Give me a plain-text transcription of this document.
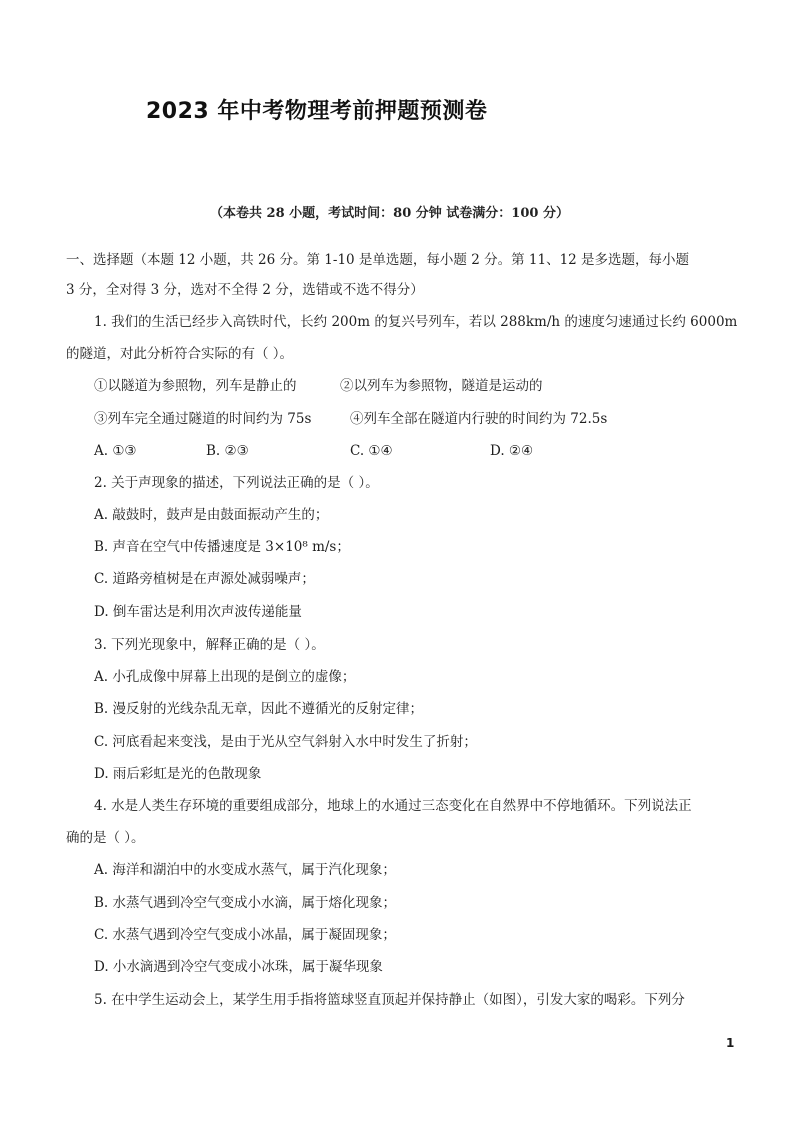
2023 年中考物理考前押题预测卷
（本卷共 28 小题，考试时间：80 分钟 试卷满分：100 分）
一、选择题（本题 12 小题，共 26 分。第 1-10 是单选题，每小题 2 分。第 11、12 是多选题，每小题
3 分，全对得 3 分，选对不全得 2 分，选错或不选不得分）
1. 我们的生活已经步入高铁时代，长约 200m 的复兴号列车，若以 288km/h 的速度匀速通过长约 6000m
的隧道，对此分析符合实际的有（ ）。
①以隧道为参照物，列车是静止的	②以列车为参照物，隧道是运动的
③列车完全通过隧道的时间约为 75s	④列车全部在隧道内行驶的时间约为 72.5s
A. ①③	B. ②③	C. ①④	D. ②④
2. 关于声现象的描述，下列说法正确的是（ ）。
A. 敲鼓时，鼓声是由鼓面振动产生的；
B. 声音在空气中传播速度是 3×10⁸ m/s；
C. 道路旁植树是在声源处减弱噪声；
D. 倒车雷达是利用次声波传递能量
3. 下列光现象中，解释正确的是（ ）。
A. 小孔成像中屏幕上出现的是倒立的虚像；
B. 漫反射的光线杂乱无章，因此不遵循光的反射定律；
C. 河底看起来变浅，是由于光从空气斜射入水中时发生了折射；
D. 雨后彩虹是光的色散现象
4. 水是人类生存环境的重要组成部分，地球上的水通过三态变化在自然界中不停地循环。下列说法正
确的是（ ）。
A. 海洋和湖泊中的水变成水蒸气，属于汽化现象；
B. 水蒸气遇到冷空气变成小水滴，属于熔化现象；
C. 水蒸气遇到冷空气变成小冰晶，属于凝固现象；
D. 小水滴遇到冷空气变成小冰珠，属于凝华现象
5. 在中学生运动会上，某学生用手指将篮球竖直顶起并保持静止（如图），引发大家的喝彩。下列分
1
